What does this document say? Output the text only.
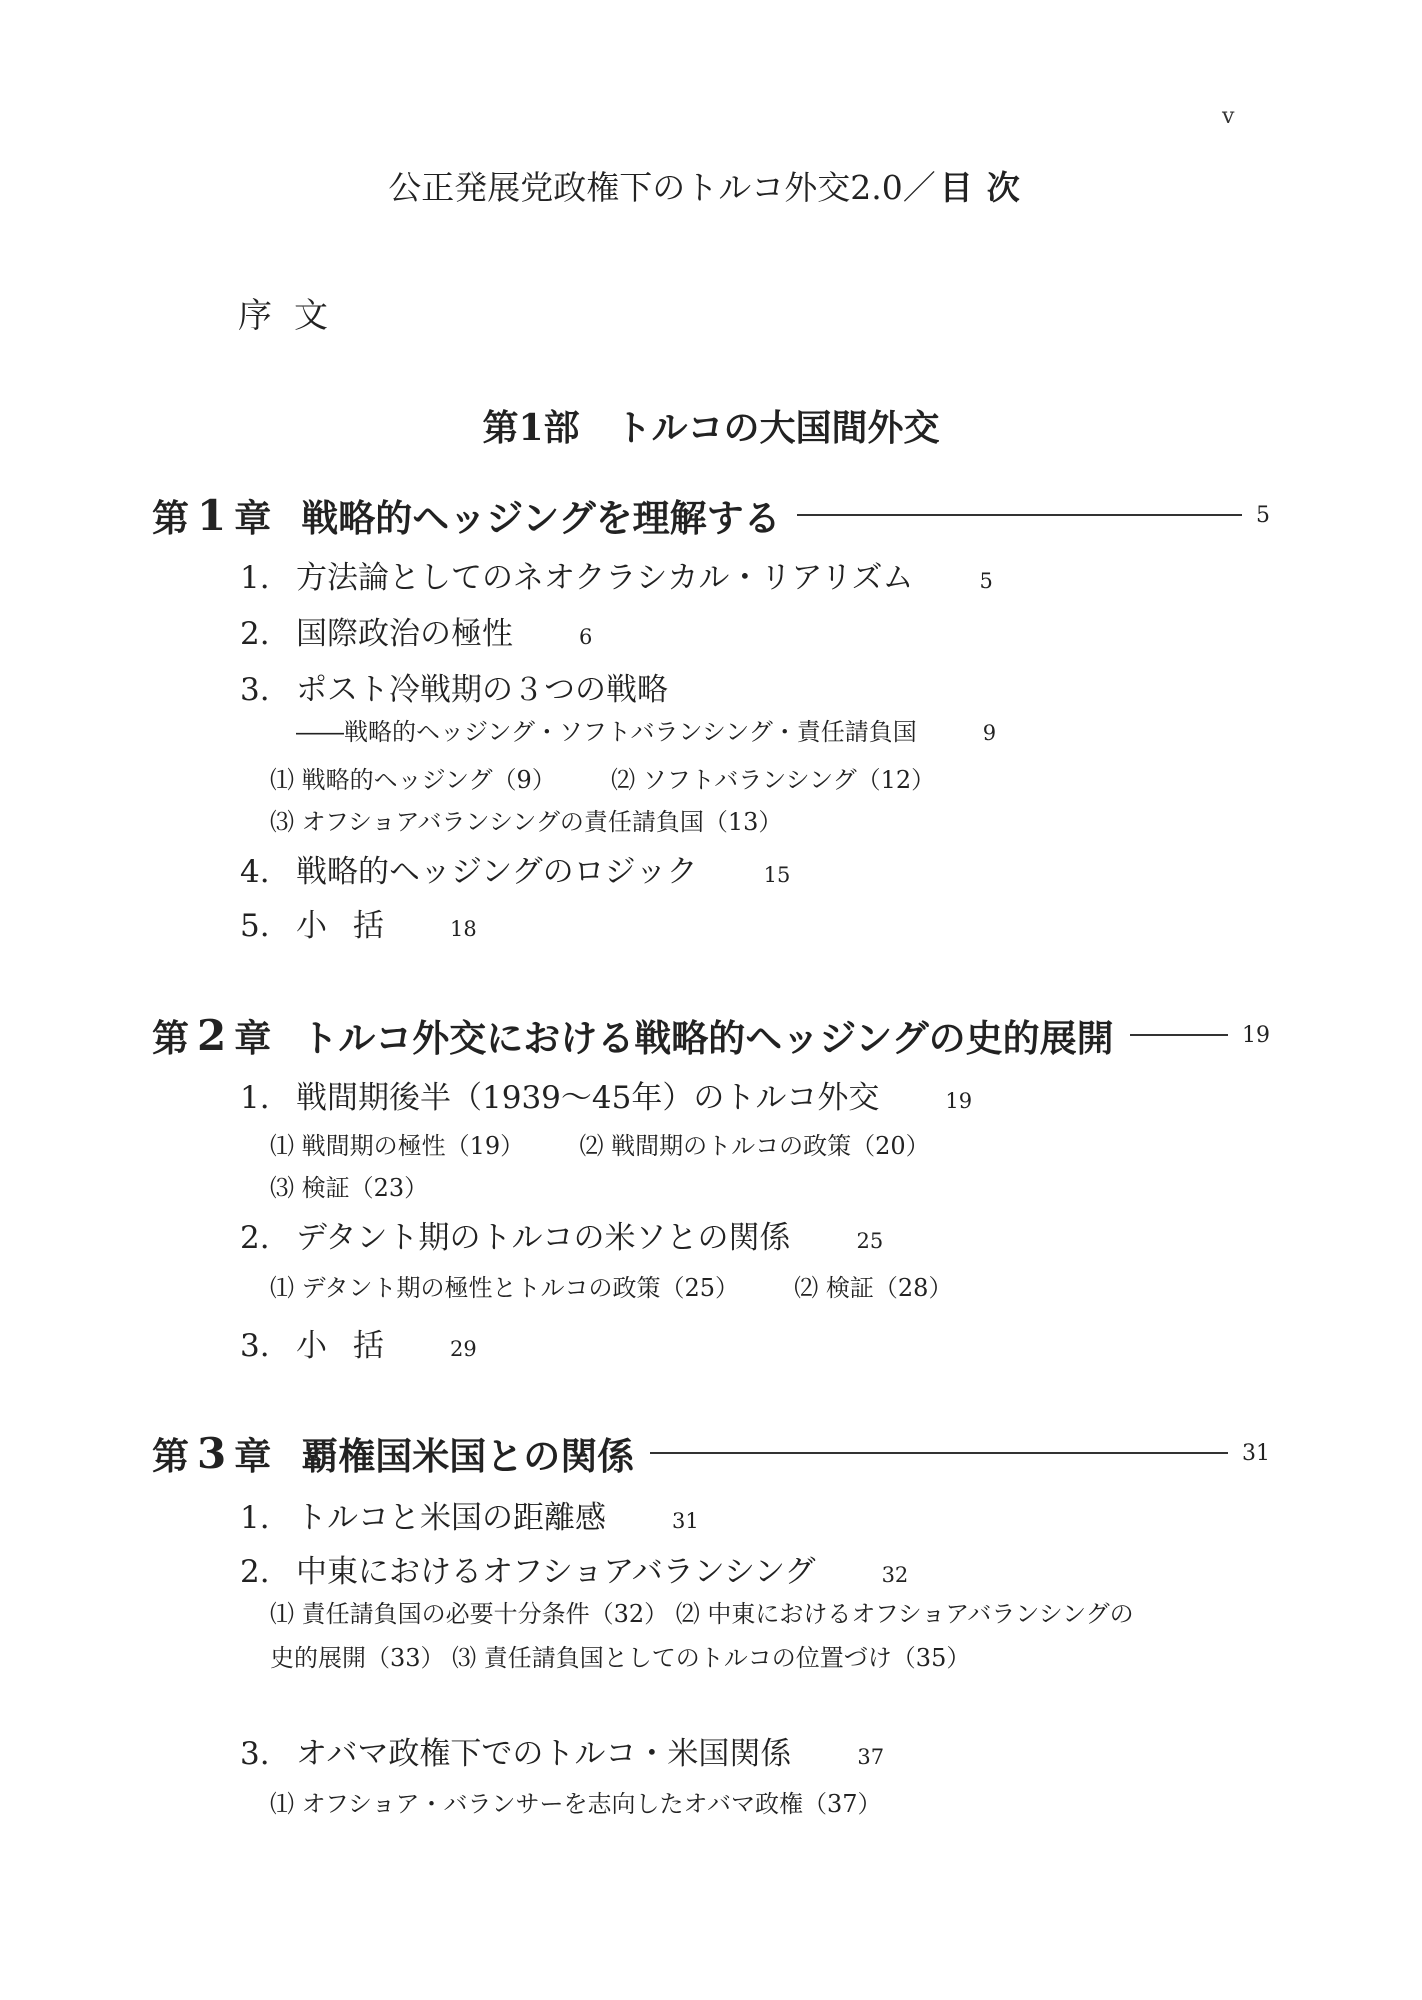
v
公正発展党政権下のトルコ外交2.0／ 目次
序文
第1部 トルコの大国間外交
第 1 章 戦略的ヘッジングを理解する	5
1. 方法論としてのネオクラシカル・リアリズム	5
2. 国際政治の極性	6
3. ポスト冷戦期の３つの戦略
――戦略的ヘッジング・ソフトバランシング・責任請負国	9
⑴ 戦略的ヘッジング（9） ⑵ ソフトバランシング（12）
⑶ オフショアバランシングの責任請負国（13）
4. 戦略的ヘッジングのロジック	15
5. 小括 18
第 2 章 トルコ外交における戦略的ヘッジングの史的展開	19
1. 戦間期後半（1939～45年）のトルコ外交	19
⑴ 戦間期の極性（19） ⑵ 戦間期のトルコの政策（20）
⑶ 検証（23）
2. デタント期のトルコの米ソとの関係	25
⑴ デタント期の極性とトルコの政策（25） ⑵ 検証（28）
3. 小括 29
第 3 章 覇権国米国との関係	31
1. トルコと米国の距離感	31
2. 中東におけるオフショアバランシング	32
⑴ 責任請負国の必要十分条件（32） ⑵ 中東におけるオフショアバランシングの史的展開（33） ⑶ 責任請負国としてのトルコの位置づけ（35）
3. オバマ政権下でのトルコ・米国関係	37
⑴ オフショア・バランサーを志向したオバマ政権（37）
